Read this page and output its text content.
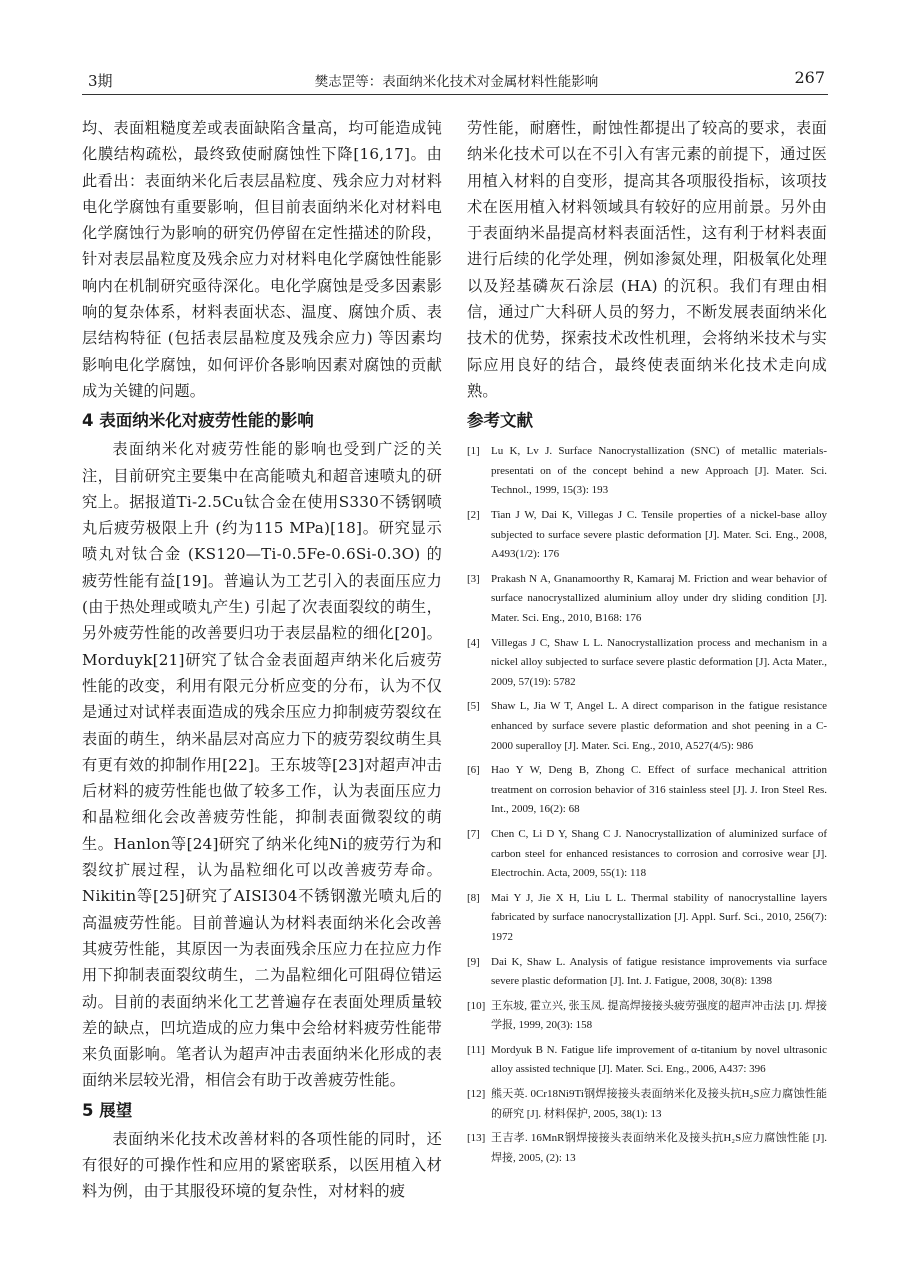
3期	樊志罡等：表面纳米化技术对金属材料性能影响	267

均、表面粗糙度差或表面缺陷含量高，均可能造成钝化膜结构疏松，最终致使耐腐蚀性下降[16,17]。由此看出：表面纳米化后表层晶粒度、残余应力对材料电化学腐蚀有重要影响，但目前表面纳米化对材料电化学腐蚀行为影响的研究仍停留在定性描述的阶段，针对表层晶粒度及残余应力对材料电化学腐蚀性能影响内在机制研究亟待深化。电化学腐蚀是受多因素影响的复杂体系，材料表面状态、温度、腐蚀介质、表层结构特征 (包括表层晶粒度及残余应力) 等因素均影响电化学腐蚀，如何评价各影响因素对腐蚀的贡献成为关键的问题。

4 表面纳米化对疲劳性能的影响

表面纳米化对疲劳性能的影响也受到广泛的关注，目前研究主要集中在高能喷丸和超音速喷丸的研究上。据报道Ti-2.5Cu钛合金在使用S330不锈钢喷丸后疲劳极限上升 (约为115 MPa)[18]。研究显示喷丸对钛合金 (KS120—Ti-0.5Fe-0.6Si-0.3O) 的疲劳性能有益[19]。普遍认为工艺引入的表面压应力 (由于热处理或喷丸产生) 引起了次表面裂纹的萌生，另外疲劳性能的改善要归功于表层晶粒的细化[20]。Morduyk[21]研究了钛合金表面超声纳米化后疲劳性能的改变，利用有限元分析应变的分布，认为不仅是通过对试样表面造成的残余压应力抑制疲劳裂纹在表面的萌生，纳米晶层对高应力下的疲劳裂纹萌生具有更有效的抑制作用[22]。王东坡等[23]对超声冲击后材料的疲劳性能也做了较多工作，认为表面压应力和晶粒细化会改善疲劳性能，抑制表面微裂纹的萌生。Hanlon等[24]研究了纳米化纯Ni的疲劳行为和裂纹扩展过程，认为晶粒细化可以改善疲劳寿命。Nikitin等[25]研究了AISI304不锈钢激光喷丸后的高温疲劳性能。目前普遍认为材料表面纳米化会改善其疲劳性能，其原因一为表面残余压应力在拉应力作用下抑制表面裂纹萌生，二为晶粒细化可阻碍位错运动。目前的表面纳米化工艺普遍存在表面处理质量较差的缺点，凹坑造成的应力集中会给材料疲劳性能带来负面影响。笔者认为超声冲击表面纳米化形成的表面纳米层较光滑，相信会有助于改善疲劳性能。

5 展望

表面纳米化技术改善材料的各项性能的同时，还有很好的可操作性和应用的紧密联系，以医用植入材料为例，由于其服役环境的复杂性，对材料的疲

劳性能，耐磨性，耐蚀性都提出了较高的要求，表面纳米化技术可以在不引入有害元素的前提下，通过医用植入材料的自变形，提高其各项服役指标，该项技术在医用植入材料领域具有较好的应用前景。另外由于表面纳米晶提高材料表面活性，这有利于材料表面进行后续的化学处理，例如渗氮处理，阳极氧化处理以及羟基磷灰石涂层 (HA) 的沉积。我们有理由相信，通过广大科研人员的努力，不断发展表面纳米化技术的优势，探索技术改性机理，会将纳米技术与实际应用良好的结合，最终使表面纳米化技术走向成熟。

参考文献
[1]	Lu K, Lv J. Surface Nanocrystallization (SNC) of metallic materials-presentati on of the concept behind a new Approach [J]. Mater. Sci. Technol., 1999, 15(3): 193
[2]	Tian J W, Dai K, Villegas J C. Tensile properties of a nickel-base alloy subjected to surface severe plastic deformation [J]. Mater. Sci. Eng., 2008, A493(1/2): 176
[3]	Prakash N A, Gnanamoorthy R, Kamaraj M. Friction and wear behavior of surface nanocrystallized aluminium alloy under dry sliding condition [J]. Mater. Sci. Eng., 2010, B168: 176
[4]	Villegas J C, Shaw L L. Nanocrystallization process and mechanism in a nickel alloy subjected to surface severe plastic deformation [J]. Acta Mater., 2009, 57(19): 5782
[5]	Shaw L, Jia W T, Angel L. A direct comparison in the fatigue resistance enhanced by surface severe plastic deformation and shot peening in a C-2000 superalloy [J]. Mater. Sci. Eng., 2010, A527(4/5): 986
[6]	Hao Y W, Deng B, Zhong C. Effect of surface mechanical attrition treatment on corrosion behavior of 316 stainless steel [J]. J. Iron Steel Res. Int., 2009, 16(2): 68
[7]	Chen C, Li D Y, Shang C J. Nanocrystallization of aluminized surface of carbon steel for enhanced resistances to corrosion and corrosive wear [J]. Electrochin. Acta, 2009, 55(1): 118
[8]	Mai Y J, Jie X H, Liu L L. Thermal stability of nanocrystalline layers fabricated by surface nanocrystallization [J]. Appl. Surf. Sci., 2010, 256(7): 1972
[9]	Dai K, Shaw L. Analysis of fatigue resistance improvements via surface severe plastic deformation [J]. Int. J. Fatigue, 2008, 30(8): 1398
[10] 王东坡, 霍立兴, 张玉凤. 提高焊接接头疲劳强度的超声冲击法 [J]. 焊接学报, 1999, 20(3): 158
[11] Mordyuk B N. Fatigue life improvement of α-titanium by novel ultrasonic alloy assisted technique [J]. Mater. Sci. Eng., 2006, A437: 396
[12] 熊天英. 0Cr18Ni9Ti钢焊接接头表面纳米化及接头抗H₂S应力腐蚀性能的研究 [J]. 材料保护, 2005, 38(1): 13
[13] 王吉孝. 16MnR钢焊接接头表面纳米化及接头抗H₂S应力腐蚀性能 [J]. 焊接, 2005, (2): 13
